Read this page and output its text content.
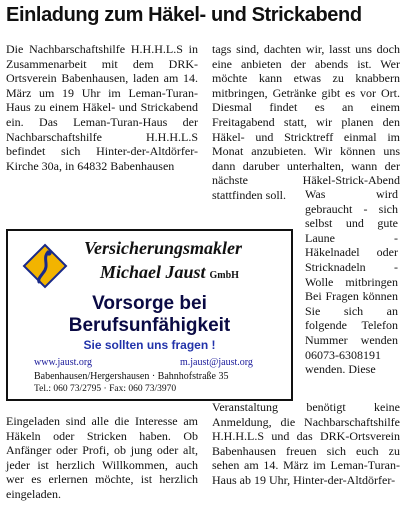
Einladung zum Häkel- und Strickabend

Die Nachbarschaftshilfe H.H.H.L.S in Zusammenarbeit mit dem DRK-Ortsverein Babenhausen, laden am 14. März um 19 Uhr im Leman-Turan-Haus zu einem Häkel- und Strickabend ein. Das Leman-Turan-Haus der Nachbarschaftshilfe H.H.H.L.S befindet sich Hinter-der-Altdörfer-Kirche 30a, in 64832 Babenhausen

tags sind, dachten wir, lasst uns doch eine anbieten der abends ist. Wer möchte kann etwas zu knabbern mitbringen, Getränke gibt es vor Ort. Diesmal findet es an einem Freitagabend statt, wir planen den Häkel- und Stricktreff einmal im Monat anzubieten. Wir können uns dann daruber unterhalten, wann der nächste Häkel-Strick-Abend stattfinden soll.	Was wird gebraucht - sich selbst und gute Laune - Häkelnadel oder Stricknadeln - Wolle mitbringen Bei Fragen können Sie sich an folgende Telefon Nummer wenden 06073-6308191 wenden. Diese

Versicherungsmakler
Michael Jaust GmbH
Vorsorge bei
Berufsunfähigkeit
Sie sollten uns fragen !
www.jaust.org	m.jaust@jaust.org
Babenhausen/Hergershausen · Bahnhofstraße 35
Tel.: 060 73/2795 · Fax: 060 73/3970

Eingeladen sind alle die Interesse am Häkeln oder Stricken haben. Ob Anfänger oder Profi, ob jung oder alt, jeder ist herzlich Willkommen, auch wer es erlernen möchte, ist herzlich eingeladen.

Veranstaltung benötigt keine Anmeldung, die Nachbarschaftshilfe H.H.H.L.S und das DRK-Ortsverein Babenhausen freuen sich euch zu sehen am 14. März im Leman-Turan-Haus ab 19 Uhr, Hinter-der-Altdörfer-
